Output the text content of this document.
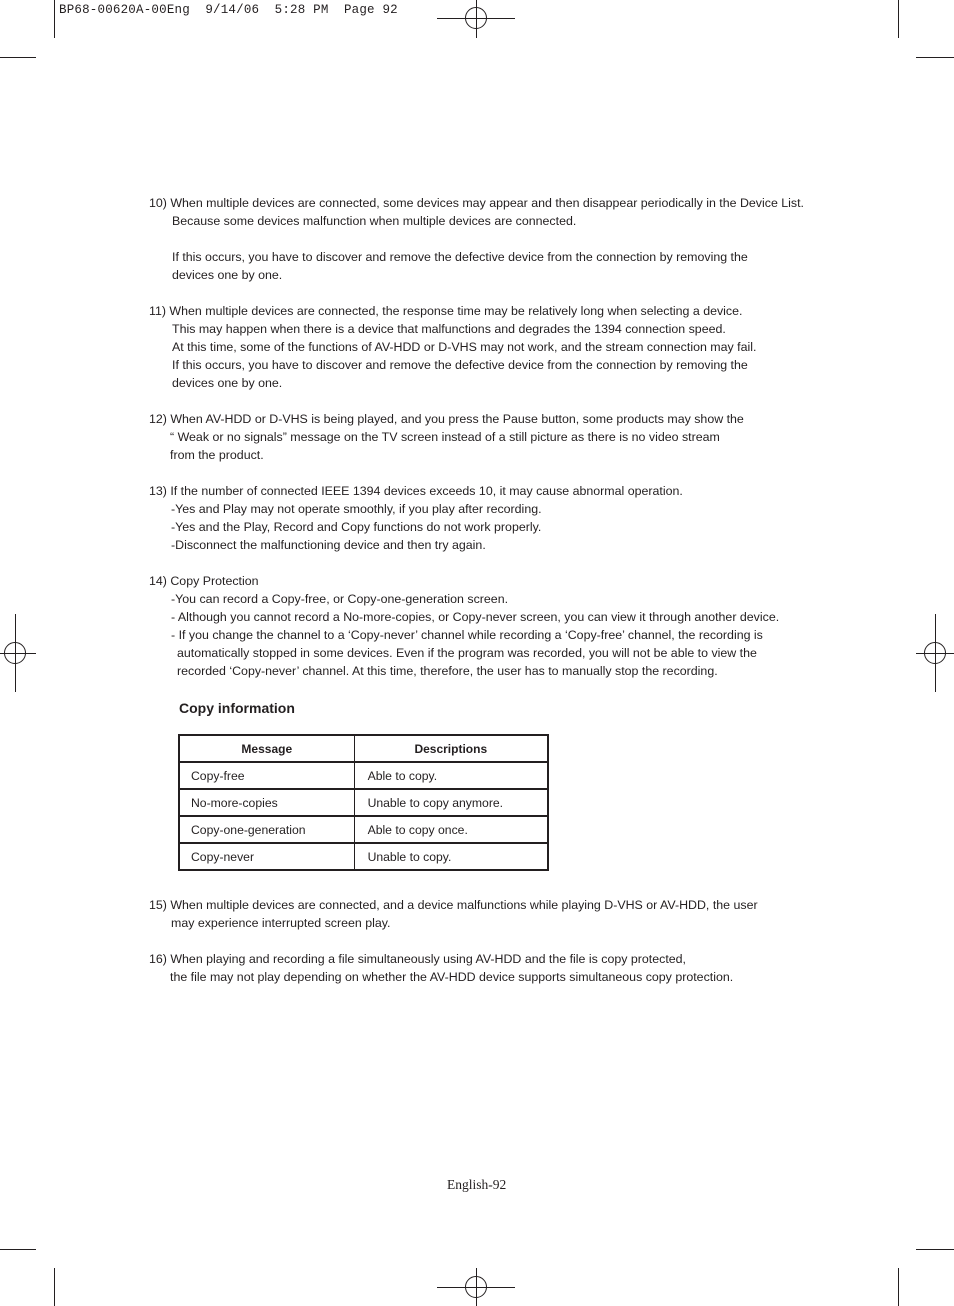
BP68-00620A-00Eng  9/14/06  5:28 PM  Page 92
10) When multiple devices are connected, some devices may appear and then disappear periodically in the Device List.
Because some devices malfunction when multiple devices are connected.
If this occurs, you have to discover and remove the defective device from the connection by removing the
devices one by one.
11) When multiple devices are connected, the response time may be relatively long when selecting a device.
This may happen when there is a device that malfunctions and degrades the 1394 connection speed.
At this time, some of the functions of AV-HDD or D-VHS may not work, and the stream connection may fail.
If this occurs, you have to discover and remove the defective device from the connection by removing the
devices one by one.
12) When AV-HDD or D-VHS is being played, and you press the Pause button, some products may show the
“ Weak or no signals” message on the TV screen instead of a still picture as there is no video stream
from the product.
13) If the number of connected IEEE 1394 devices exceeds 10, it may cause abnormal operation.
-Yes and Play may not operate smoothly, if you play after recording.
-Yes and the Play, Record and Copy functions do not work properly.
-Disconnect the malfunctioning device and then try again.
14) Copy Protection
-You can record a Copy-free, or Copy-one-generation screen.
- Although you cannot record a No-more-copies, or Copy-never screen, you can view it through another device.
- If you change the channel to a ‘Copy-never’ channel while recording a ‘Copy-free’ channel, the recording is
automatically stopped in some devices. Even if the program was recorded, you will not be able to view the
recorded ‘Copy-never’ channel. At this time, therefore, the user has to manually stop the recording.
Copy information
Message	Descriptions
Copy-free	Able to copy.
No-more-copies	Unable to copy anymore.
Copy-one-generation	Able to copy once.
Copy-never	Unable to copy.
15) When multiple devices are connected, and a device malfunctions while playing D-VHS or AV-HDD, the user
may experience interrupted screen play.
16) When playing and recording a file simultaneously using AV-HDD and the file is copy protected,
the file may not play depending on whether the AV-HDD device supports simultaneous copy protection.
English-92
